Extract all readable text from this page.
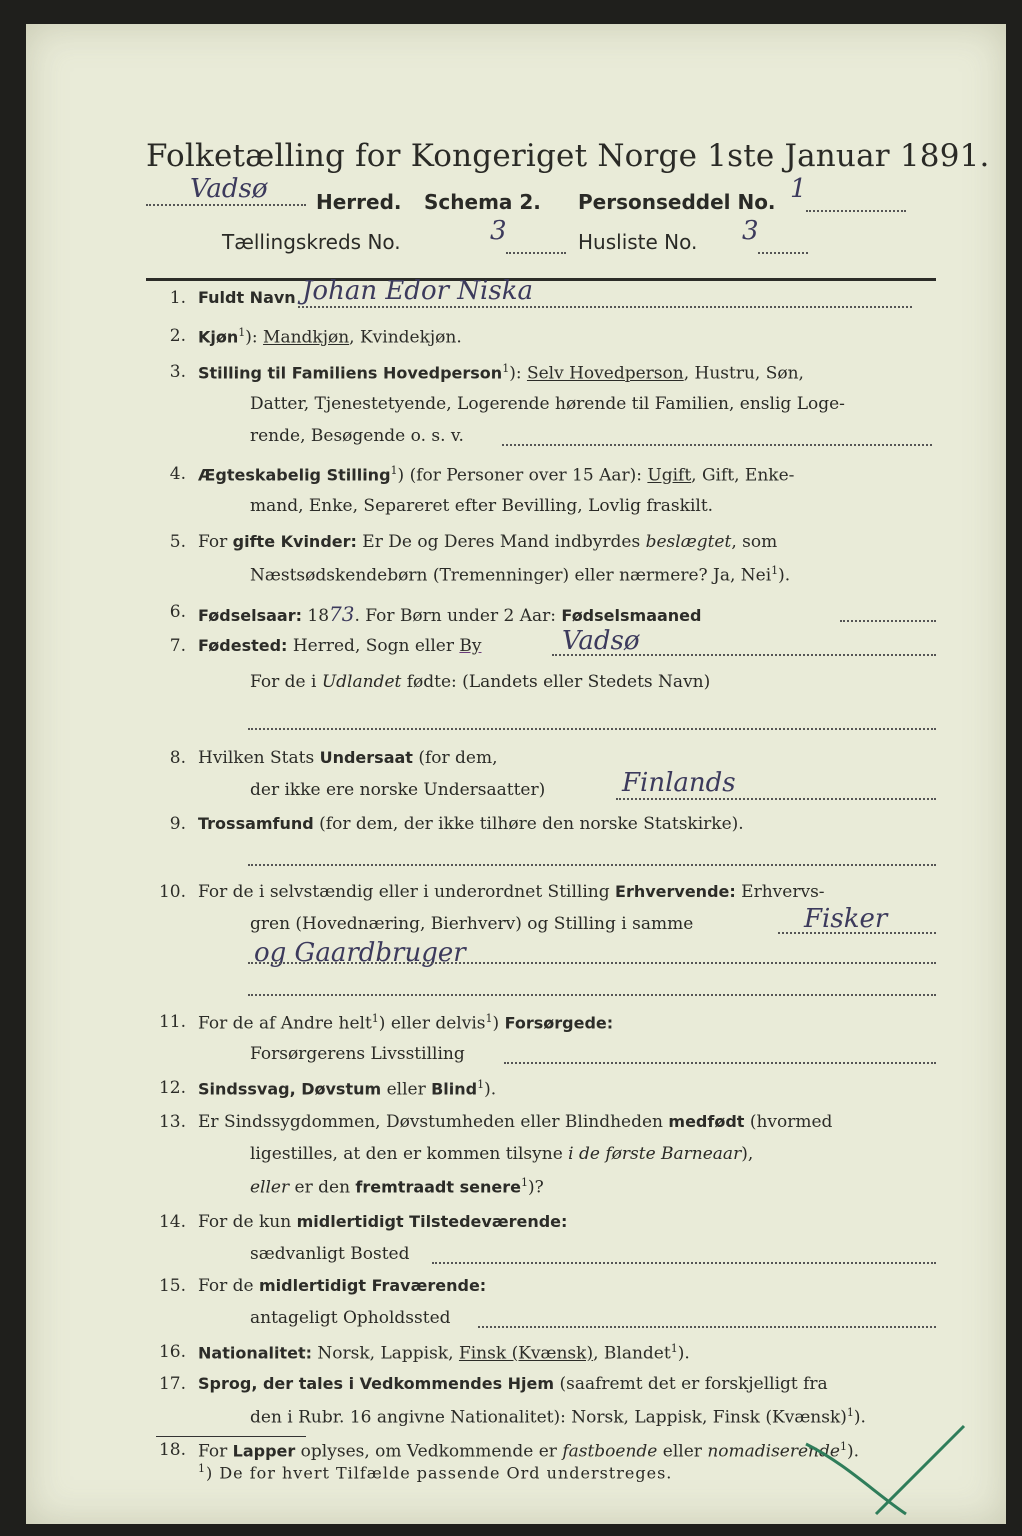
Folketælling for Kongeriget Norge 1ste Januar 1891.
Vadsø Herred. Schema 2. Personseddel No. 1
Tællingskreds No.	3	Husliste No. 3
1. Fuldt Navn Johan Edor Niska
2. Kjøn$^1$): Mandkjøn, Kvindekjøn.
3. Stilling til Familiens Hovedperson$^1$): Selv Hovedperson, Hustru, Søn,
Datter, Tjenestetyende, Logerende hørende til Familien, enslig Loge-
rende, Besøgende o. s. v.
4. Ægteskabelig Stilling$^1$) (for Personer over 15 Aar): Ugift, Gift, Enke-
mand, Enke, Separeret efter Bevilling, Lovlig fraskilt.
5. For gifte Kvinder: Er De og Deres Mand indbyrdes beslægtet, som
Næstsødskendebørn (Tremenninger) eller nærmere? Ja, Nei$^1$).
6. Fødselsaar: 1873. For Børn under 2 Aar: Fødselsmaaned
7. Fødested: Herred, Sogn eller By	Vadsø
For de i Udlandet fødte: (Landets eller Stedets Navn)
8. Hvilken Stats Undersaat (for dem,
der ikke ere norske Undersaatter)	Finlands
9. Trossamfund (for dem, der ikke tilhøre den norske Statskirke).
10. For de i selvstændig eller i underordnet Stilling Erhvervende: Erhvervs-
gren (Hovednæring, Bierhverv) og Stilling i samme	Fisker
og Gaardbruger
11. For de af Andre helt$^1$) eller delvis$^1$) Forsørgede:
Forsørgerens Livsstilling
12. Sindssvag, Døvstum eller Blind$^1$).
13. Er Sindssygdommen, Døvstumheden eller Blindheden medfødt (hvormed
ligestilles, at den er kommen tilsyne i de første Barneaar),
eller er den fremtraadt senere$^1$)?
14. For de kun midlertidigt Tilstedeværende:
sædvanligt Bosted
15. For de midlertidigt Fraværende:
antageligt Opholdssted
16. Nationalitet: Norsk, Lappisk, Finsk (Kvænsk), Blandet$^1$).
17. Sprog, der tales i Vedkommendes Hjem (saafremt det er forskjelligt fra
den i Rubr. 16 angivne Nationalitet): Norsk, Lappisk, Finsk (Kvænsk)$^1$).
18. For Lapper oplyses, om Vedkommende er fastboende eller nomadiserende$^1$).
$^1$) De for hvert Tilfælde passende Ord understreges.
